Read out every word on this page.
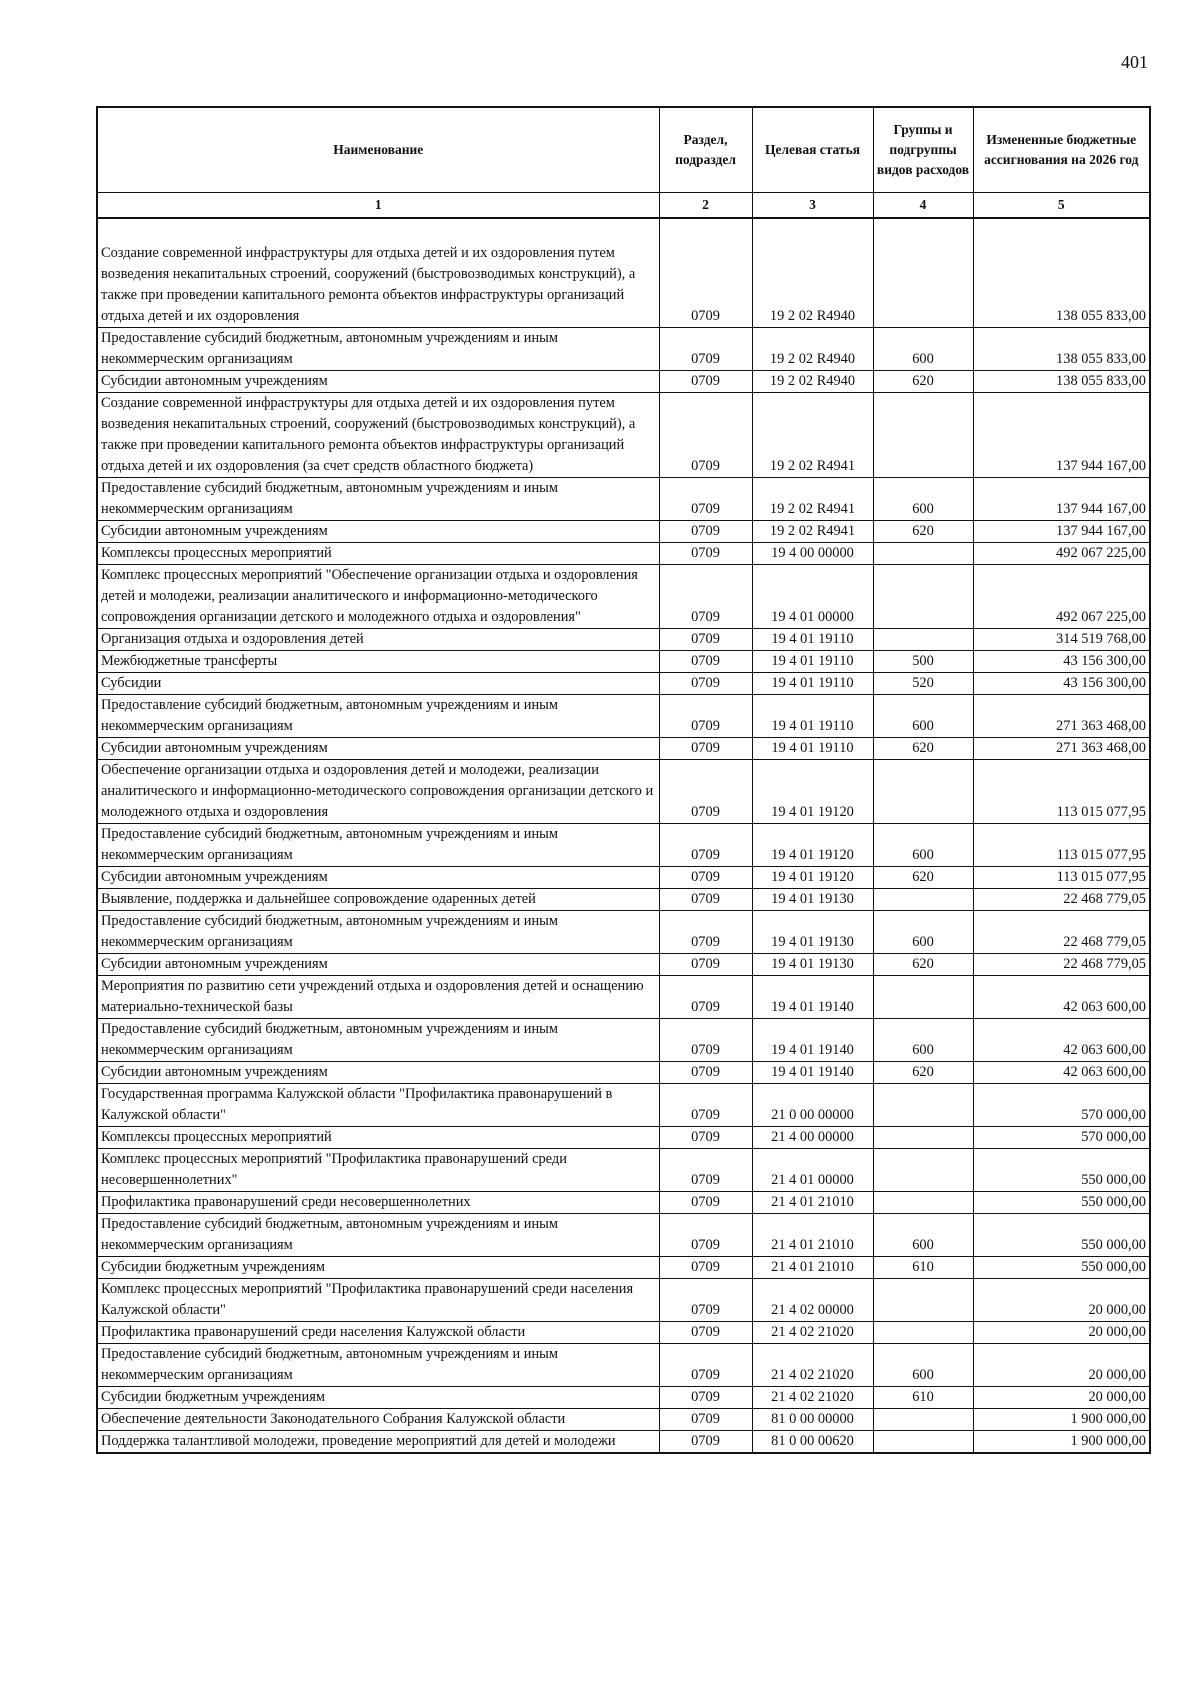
401
Наименование	Раздел, подраздел	Целевая статья	Группы и подгруппы видов расходов	Измененные бюджетные ассигнования на 2026 год
1	2	3	4	5

Создание современной инфраструктуры для отдыха детей и их оздоровления путем возведения некапитальных строений, сооружений (быстровозводимых конструкций), а также при проведении капитального ремонта объектов инфраструктуры организаций отдыха детей и их оздоровления	0709	19 2 02 R4940		138 055 833,00
Предоставление субсидий бюджетным, автономным учреждениям и иным некоммерческим организациям	0709	19 2 02 R4940	600	138 055 833,00
Субсидии автономным учреждениям	0709	19 2 02 R4940	620	138 055 833,00
Создание современной инфраструктуры для отдыха детей и их оздоровления путем возведения некапитальных строений, сооружений (быстровозводимых конструкций), а также при проведении капитального ремонта объектов инфраструктуры организаций отдыха детей и их оздоровления (за счет средств областного бюджета)	0709	19 2 02 R4941		137 944 167,00
Предоставление субсидий бюджетным, автономным учреждениям и иным некоммерческим организациям	0709	19 2 02 R4941	600	137 944 167,00
Субсидии автономным учреждениям	0709	19 2 02 R4941	620	137 944 167,00
Комплексы процессных мероприятий	0709	19 4 00 00000		492 067 225,00
Комплекс процессных мероприятий "Обеспечение организации отдыха и оздоровления детей и молодежи, реализации аналитического и информационно-методического сопровождения организации детского и молодежного отдыха и оздоровления"	0709	19 4 01 00000		492 067 225,00
Организация отдыха и оздоровления детей	0709	19 4 01 19110		314 519 768,00
Межбюджетные трансферты	0709	19 4 01 19110	500	43 156 300,00
Субсидии	0709	19 4 01 19110	520	43 156 300,00
Предоставление субсидий бюджетным, автономным учреждениям и иным некоммерческим организациям	0709	19 4 01 19110	600	271 363 468,00
Субсидии автономным учреждениям	0709	19 4 01 19110	620	271 363 468,00
Обеспечение организации отдыха и оздоровления детей и молодежи, реализации аналитического и информационно-методического сопровождения организации детского и молодежного отдыха и оздоровления	0709	19 4 01 19120		113 015 077,95
Предоставление субсидий бюджетным, автономным учреждениям и иным некоммерческим организациям	0709	19 4 01 19120	600	113 015 077,95
Субсидии автономным учреждениям	0709	19 4 01 19120	620	113 015 077,95
Выявление, поддержка и дальнейшее сопровождение одаренных детей	0709	19 4 01 19130		22 468 779,05
Предоставление субсидий бюджетным, автономным учреждениям и иным некоммерческим организациям	0709	19 4 01 19130	600	22 468 779,05
Субсидии автономным учреждениям	0709	19 4 01 19130	620	22 468 779,05
Мероприятия по развитию сети учреждений отдыха и оздоровления детей и оснащению материально-технической базы	0709	19 4 01 19140		42 063 600,00
Предоставление субсидий бюджетным, автономным учреждениям и иным некоммерческим организациям	0709	19 4 01 19140	600	42 063 600,00
Субсидии автономным учреждениям	0709	19 4 01 19140	620	42 063 600,00
Государственная программа Калужской области "Профилактика правонарушений в Калужской области"	0709	21 0 00 00000		570 000,00
Комплексы процессных мероприятий	0709	21 4 00 00000		570 000,00
Комплекс процессных мероприятий "Профилактика правонарушений среди несовершеннолетних"	0709	21 4 01 00000		550 000,00
Профилактика правонарушений среди несовершеннолетних	0709	21 4 01 21010		550 000,00
Предоставление субсидий бюджетным, автономным учреждениям и иным некоммерческим организациям	0709	21 4 01 21010	600	550 000,00
Субсидии бюджетным учреждениям	0709	21 4 01 21010	610	550 000,00
Комплекс процессных мероприятий "Профилактика правонарушений среди населения Калужской области"	0709	21 4 02 00000		20 000,00
Профилактика правонарушений среди населения Калужской области	0709	21 4 02 21020		20 000,00
Предоставление субсидий бюджетным, автономным учреждениям и иным некоммерческим организациям	0709	21 4 02 21020	600	20 000,00
Субсидии бюджетным учреждениям	0709	21 4 02 21020	610	20 000,00
Обеспечение деятельности Законодательного Собрания Калужской области	0709	81 0 00 00000		1 900 000,00
Поддержка талантливой молодежи, проведение мероприятий для детей и молодежи	0709	81 0 00 00620		1 900 000,00
